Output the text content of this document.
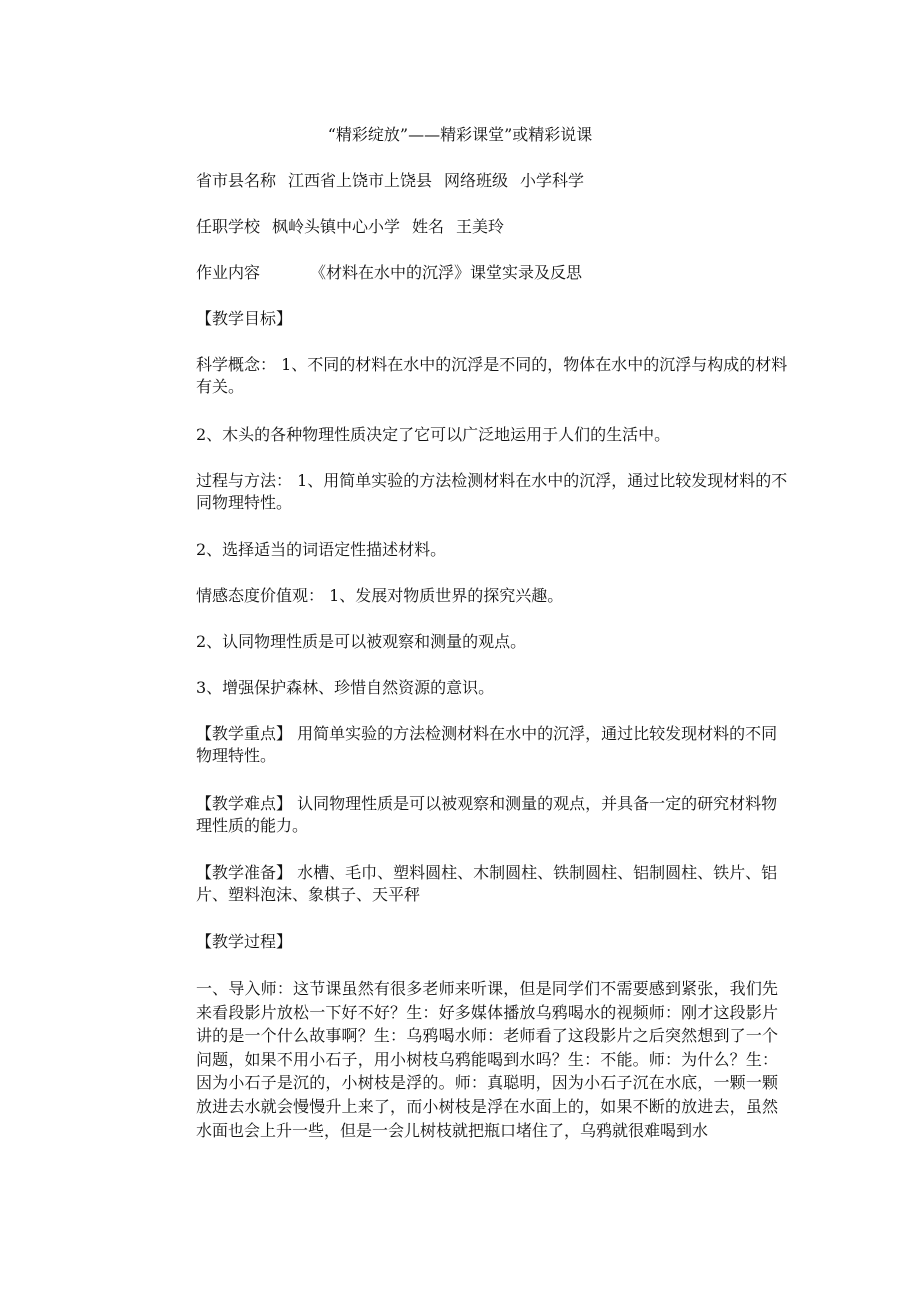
“精彩绽放”——精彩课堂”或精彩说课

省市县名称 江西省上饶市上饶县 网络班级 小学科学

任职学校 枫岭头镇中心小学 姓名 王美玲

作业内容	《材料在水中的沉浮》课堂实录及反思

【教学目标】

科学概念： 1、不同的材料在水中的沉浮是不同的，物体在水中的沉浮与构成的材料有关。

2、木头的各种物理性质决定了它可以广泛地运用于人们的生活中。

过程与方法： 1、用简单实验的方法检测材料在水中的沉浮，通过比较发现材料的不同物理特性。

2、选择适当的词语定性描述材料。

情感态度价值观： 1、发展对物质世界的探究兴趣。

2、认同物理性质是可以被观察和测量的观点。

3、增强保护森林、珍惜自然资源的意识。

【教学重点】 用简单实验的方法检测材料在水中的沉浮，通过比较发现材料的不同物理特性。

【教学难点】 认同物理性质是可以被观察和测量的观点，并具备一定的研究材料物理性质的能力。

【教学准备】 水槽、毛巾、塑料圆柱、木制圆柱、铁制圆柱、铝制圆柱、铁片、铝片、塑料泡沫、象棋子、天平秤

【教学过程】

一、导入师：这节课虽然有很多老师来听课，但是同学们不需要感到紧张，我们先来看段影片放松一下好不好？生：好多媒体播放乌鸦喝水的视频师：刚才这段影片讲的是一个什么故事啊？生：乌鸦喝水师：老师看了这段影片之后突然想到了一个问题，如果不用小石子，用小树枝乌鸦能喝到水吗？生：不能。师：为什么？生：因为小石子是沉的，小树枝是浮的。师：真聪明，因为小石子沉在水底，一颗一颗放进去水就会慢慢升上来了，而小树枝是浮在水面上的，如果不断的放进去，虽然水面也会上升一些，但是一会儿树枝就把瓶口堵住了，乌鸦就很难喝到水
